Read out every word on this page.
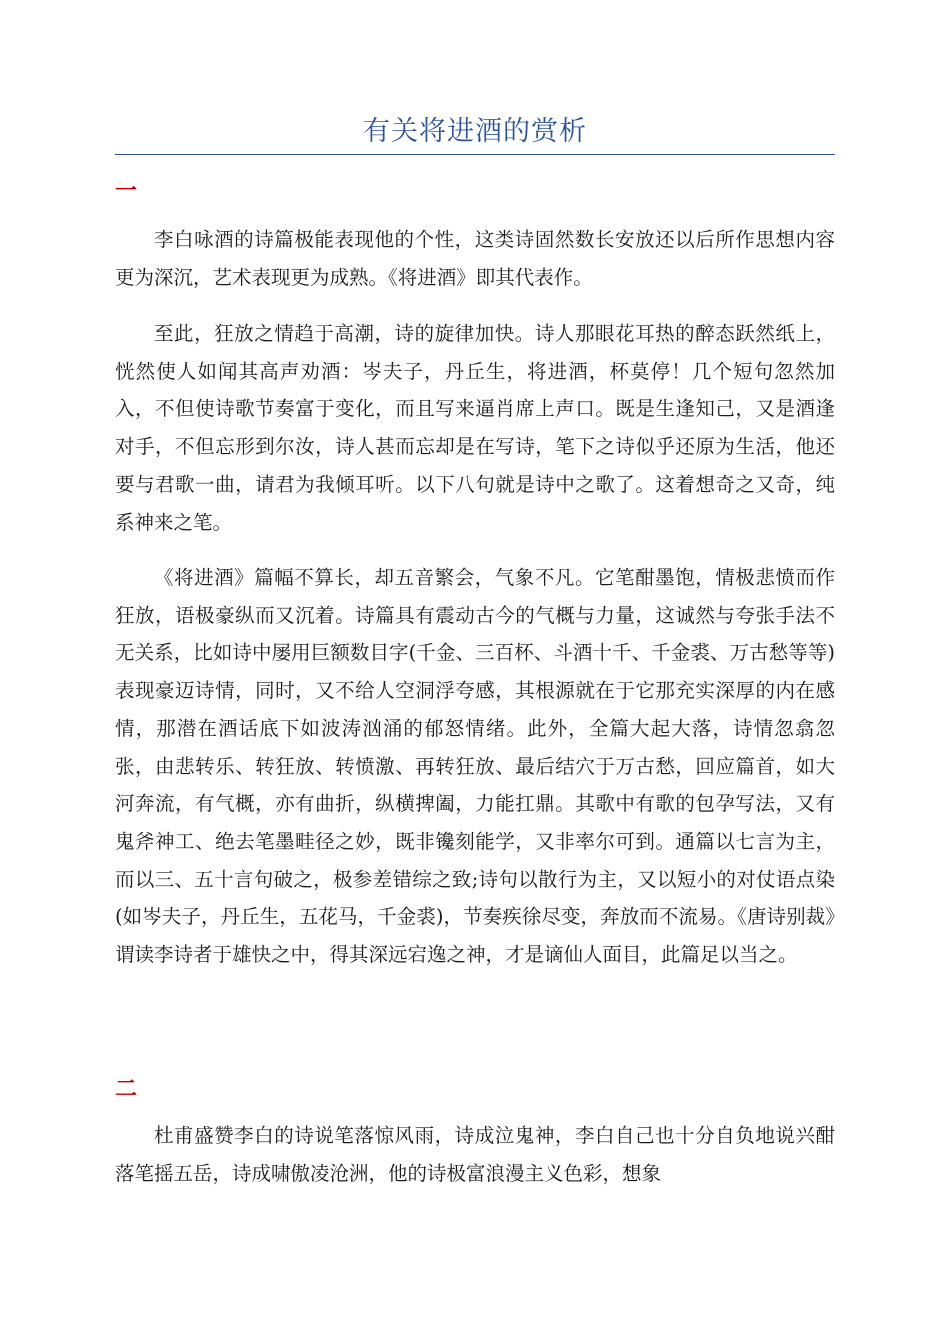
有关将进酒的赏析
一

李白咏酒的诗篇极能表现他的个性，这类诗固然数长安放还以后所作思想内容更为深沉，艺术表现更为成熟。《将进酒》即其代表作。

至此，狂放之情趋于高潮，诗的旋律加快。诗人那眼花耳热的醉态跃然纸上，恍然使人如闻其高声劝酒：岑夫子，丹丘生，将进酒，杯莫停！几个短句忽然加入，不但使诗歌节奏富于变化，而且写来逼肖席上声口。既是生逢知己，又是酒逢对手，不但忘形到尔汝，诗人甚而忘却是在写诗，笔下之诗似乎还原为生活，他还要与君歌一曲，请君为我倾耳听。以下八句就是诗中之歌了。这着想奇之又奇，纯系神来之笔。

《将进酒》篇幅不算长，却五音繁会，气象不凡。它笔酣墨饱，情极悲愤而作狂放，语极豪纵而又沉着。诗篇具有震动古今的气概与力量，这诚然与夸张手法不无关系，比如诗中屡用巨额数目字(千金、三百杯、斗酒十千、千金裘、万古愁等等)表现豪迈诗情，同时，又不给人空洞浮夸感，其根源就在于它那充实深厚的内在感情，那潜在酒话底下如波涛汹涌的郁怒情绪。此外，全篇大起大落，诗情忽翕忽张，由悲转乐、转狂放、转愤激、再转狂放、最后结穴于万古愁，回应篇首，如大河奔流，有气概，亦有曲折，纵横捭阖，力能扛鼎。其歌中有歌的包孕写法，又有鬼斧神工、绝去笔墨畦径之妙，既非镵刻能学，又非率尔可到。通篇以七言为主，而以三、五十言句破之，极参差错综之致;诗句以散行为主，又以短小的对仗语点染(如岑夫子，丹丘生，五花马，千金裘)，节奏疾徐尽变，奔放而不流易。《唐诗别裁》谓读李诗者于雄快之中，得其深远宕逸之神，才是谪仙人面目，此篇足以当之。

二

杜甫盛赞李白的诗说笔落惊风雨，诗成泣鬼神，李白自己也十分自负地说兴酣落笔摇五岳，诗成啸傲凌沧洲，他的诗极富浪漫主义色彩，想象
